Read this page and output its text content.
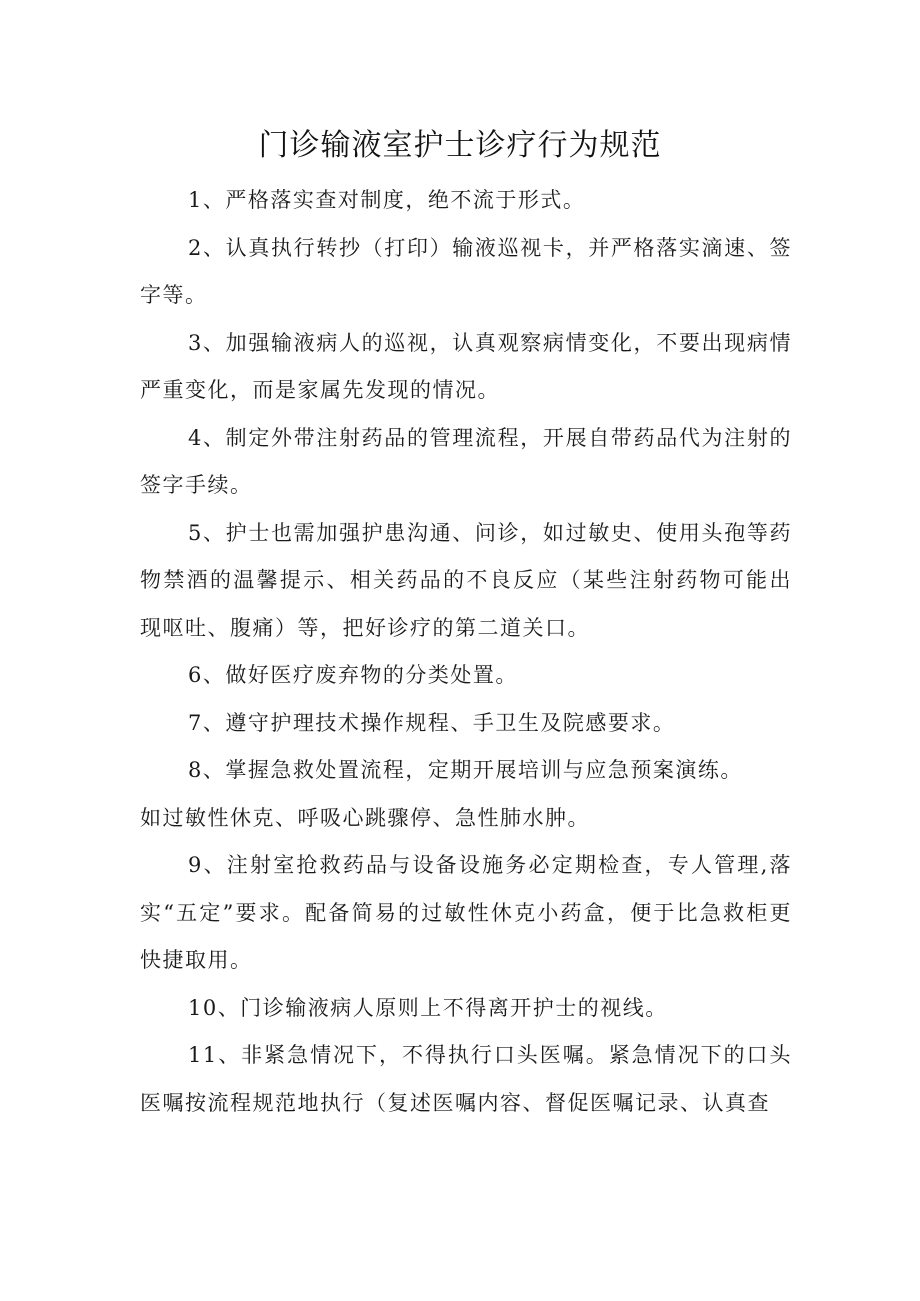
门诊输液室护士诊疗行为规范

1、严格落实查对制度，绝不流于形式。

2、认真执行转抄（打印）输液巡视卡，并严格落实滴速、签字等。

3、加强输液病人的巡视，认真观察病情变化，不要出现病情严重变化，而是家属先发现的情况。

4、制定外带注射药品的管理流程，开展自带药品代为注射的签字手续。

5、护士也需加强护患沟通、问诊，如过敏史、使用头孢等药物禁酒的温馨提示、相关药品的不良反应（某些注射药物可能出现呕吐、腹痛）等，把好诊疗的第二道关口。

6、做好医疗废弃物的分类处置。

7、遵守护理技术操作规程、手卫生及院感要求。

8、掌握急救处置流程，定期开展培训与应急预案演练。

如过敏性休克、呼吸心跳骤停、急性肺水肿。

9、注射室抢救药品与设备设施务必定期检查，专人管理,落实“五定”要求。配备简易的过敏性休克小药盒，便于比急救柜更快捷取用。

10、门诊输液病人原则上不得离开护士的视线。

11、非紧急情况下，不得执行口头医嘱。紧急情况下的口头医嘱按流程规范地执行（复述医嘱内容、督促医嘱记录、认真查
